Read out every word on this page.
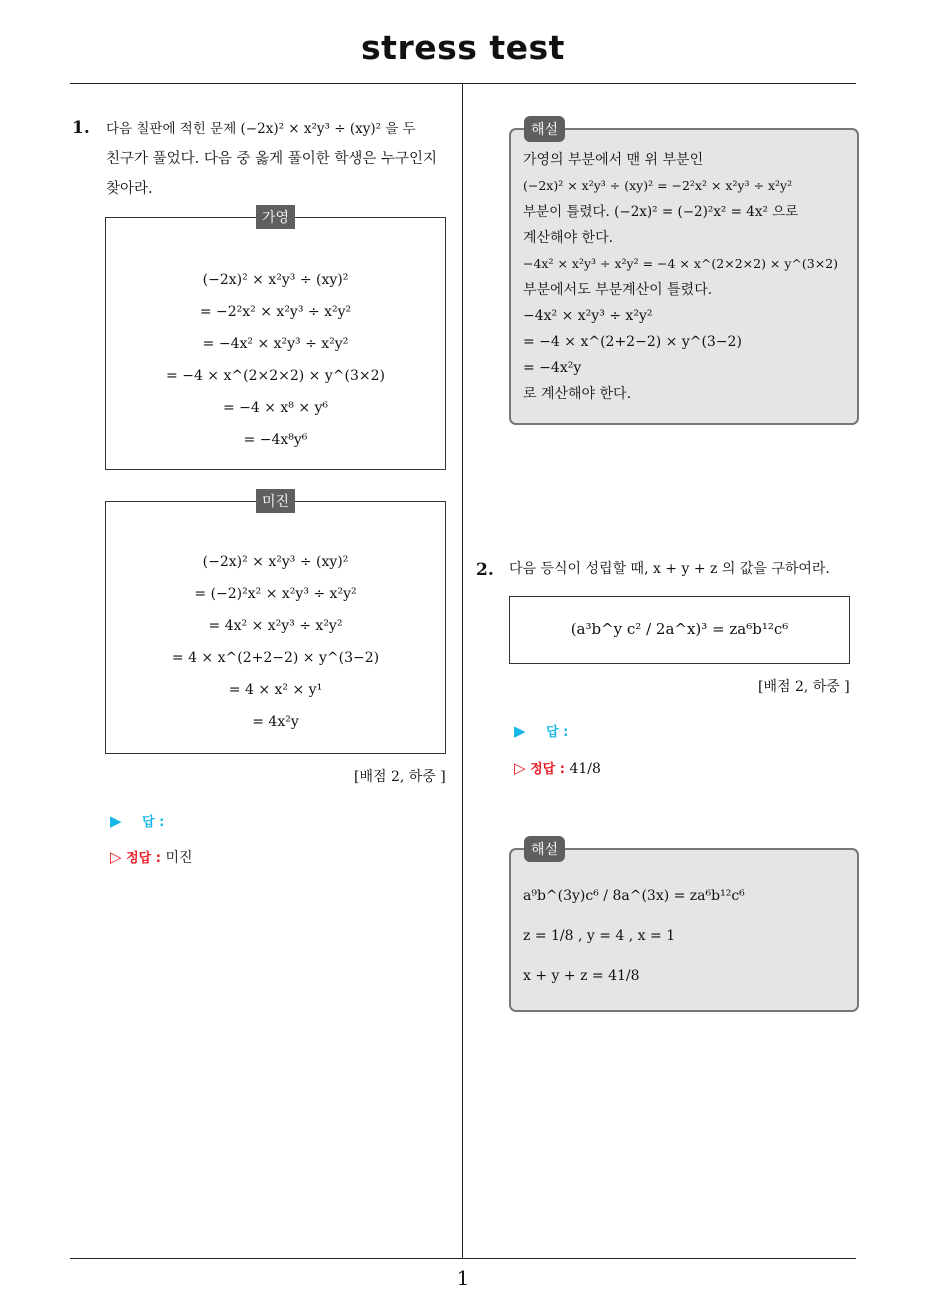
stress test
1
1. 다음 칠판에 적힌 문제 (−2x)² × x²y³ ÷ (xy)² 을 두
친구가 풀었다. 다음 중 옳게 풀이한 학생은 누구인지
찾아라.
(−2x)² × x²y³ ÷ (xy)²
= −2²x² × x²y³ ÷ x²y²
= −4x² × x²y³ ÷ x²y²
= −4 × x^(2×2×2) × y^(3×2)
= −4 × x⁸ × y⁶
= −4x⁸y⁶
가영
(−2x)² × x²y³ ÷ (xy)²
= (−2)²x² × x²y³ ÷ x²y²
= 4x² × x²y³ ÷ x²y²
= 4 × x^(2+2−2) × y^(3−2)
= 4 × x² × y¹
= 4x²y
미진
[배점 2, 하중 ]
▶ 답 :
▷ 정답 : 미진
가영의 부분에서 맨 위 부분인
(−2x)² × x²y³ ÷ (xy)² = −2²x² × x²y³ ÷ x²y²
부분이 틀렸다. (−2x)² = (−2)²x² = 4x² 으로
계산해야 한다.
−4x² × x²y³ ÷ x²y² = −4 × x^(2×2×2) × y^(3×2)
부분에서도 부분계산이 틀렸다.
−4x² × x²y³ ÷ x²y²
= −4 × x^(2+2−2) × y^(3−2)
= −4x²y
로 계산해야 한다.
해설
2. 다음 등식이 성립할 때, x + y + z 의 값을 구하여라.
(a³b^y c² / 2a^x)³ = za⁶b¹²c⁶
[배점 2, 하중 ]
▶ 답 :
▷ 정답 : 41/8
a⁹b^(3y)c⁶ / 8a^(3x) = za⁶b¹²c⁶
z = 1/8 , y = 4 , x = 1
x + y + z = 41/8
해설
